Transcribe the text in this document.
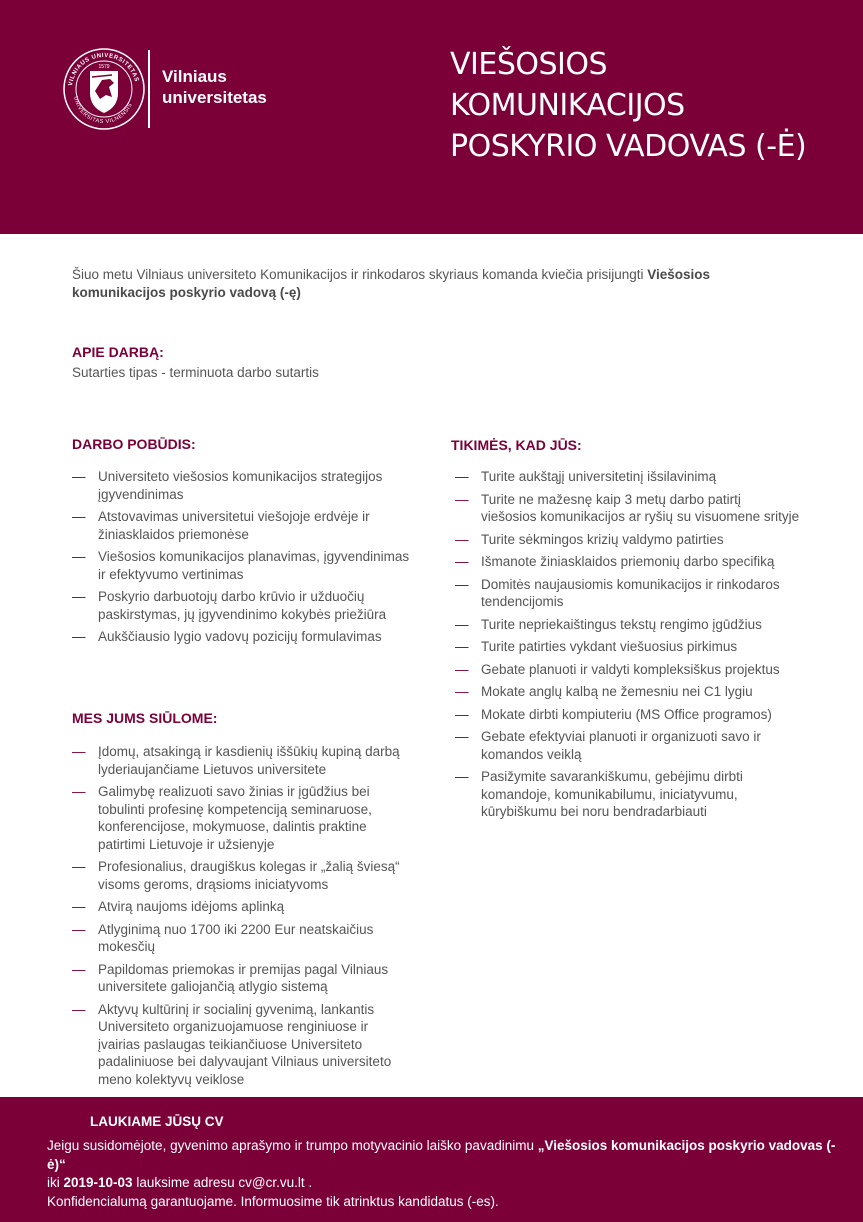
VILNIAUS UNIVERSITETAS
UNIVERSITAS VILNENSIS
1579	Vilniaus
universitetas
VIEŠOSIOS
KOMUNIKACIJOS
POSKYRIO VADOVAS (-Ė)

Šiuo metu Vilniaus universiteto Komunikacijos ir rinkodaros skyriaus komanda kviečia prisijungti Viešosios komunikacijos poskyrio vadovą (-ę)

APIE DARBĄ:
Sutarties tipas - terminuota darbo sutartis
DARBO POBŪDIS:
— Universiteto viešosios komunikacijos strategijos įgyvendinimas
— Atstovavimas universitetui viešojoje erdvėje ir žiniasklaidos priemonėse
— Viešosios komunikacijos planavimas, įgyvendinimas ir efektyvumo vertinimas
— Poskyrio darbuotojų darbo krūvio ir užduočių paskirstymas, jų įgyvendinimo kokybės priežiūra
— Aukščiausio lygio vadovų pozicijų formulavimas
MES JUMS SIŪLOME:
— Įdomų, atsakingą ir kasdienių iššūkių kupiną darbą lyderiaujančiame Lietuvos universitete
— Galimybę realizuoti savo žinias ir įgūdžius bei tobulinti profesinę kompetenciją seminaruose, konferencijose, mokymuose, dalintis praktine patirtimi Lietuvoje ir užsienyje
— Profesionalius, draugiškus kolegas ir „žalią šviesą“ visoms geroms, drąsioms iniciatyvoms
— Atvirą naujoms idėjoms aplinką
— Atlyginimą nuo 1700 iki 2200 Eur neatskaičius mokesčių
— Papildomas priemokas ir premijas pagal Vilniaus universitete galiojančią atlygio sistemą
— Aktyvų kultūrinį ir socialinį gyvenimą, lankantis Universiteto organizuojamuose renginiuose ir įvairias paslaugas teikiančiuose Universiteto padaliniuose bei dalyvaujant Vilniaus universiteto meno kolektyvų veiklose
TIKIMĖS, KAD JŪS:
— Turite aukštąjį universitetinį išsilavinimą
— Turite ne mažesnę kaip 3 metų darbo patirtį viešosios komunikacijos ar ryšių su visuomene srityje
— Turite sėkmingos krizių valdymo patirties
— Išmanote žiniasklaidos priemonių darbo specifiką
— Domitės naujausiomis komunikacijos ir rinkodaros tendencijomis
— Turite nepriekaištingus tekstų rengimo įgūdžius
— Turite patirties vykdant viešuosius pirkimus
— Gebate planuoti ir valdyti kompleksiškus projektus
— Mokate anglų kalbą ne žemesniu nei C1 lygiu
— Mokate dirbti kompiuteriu (MS Office programos)
— Gebate efektyviai planuoti ir organizuoti savo ir komandos veiklą
— Pasižymite savarankiškumu, gebėjimu dirbti komandoje, komunikabilumu, iniciatyvumu, kūrybiškumu bei noru bendradarbiauti
LAUKIAME JŪSŲ CV
Jeigu susidomėjote, gyvenimo aprašymo ir trumpo motyvacinio laiško pavadinimu „Viešosios komunikacijos poskyrio vadovas (-ė)“
iki 2019-10-03 lauksime adresu cv@cr.vu.lt .
Konfidencialumą garantuojame. Informuosime tik atrinktus kandidatus (-es).
